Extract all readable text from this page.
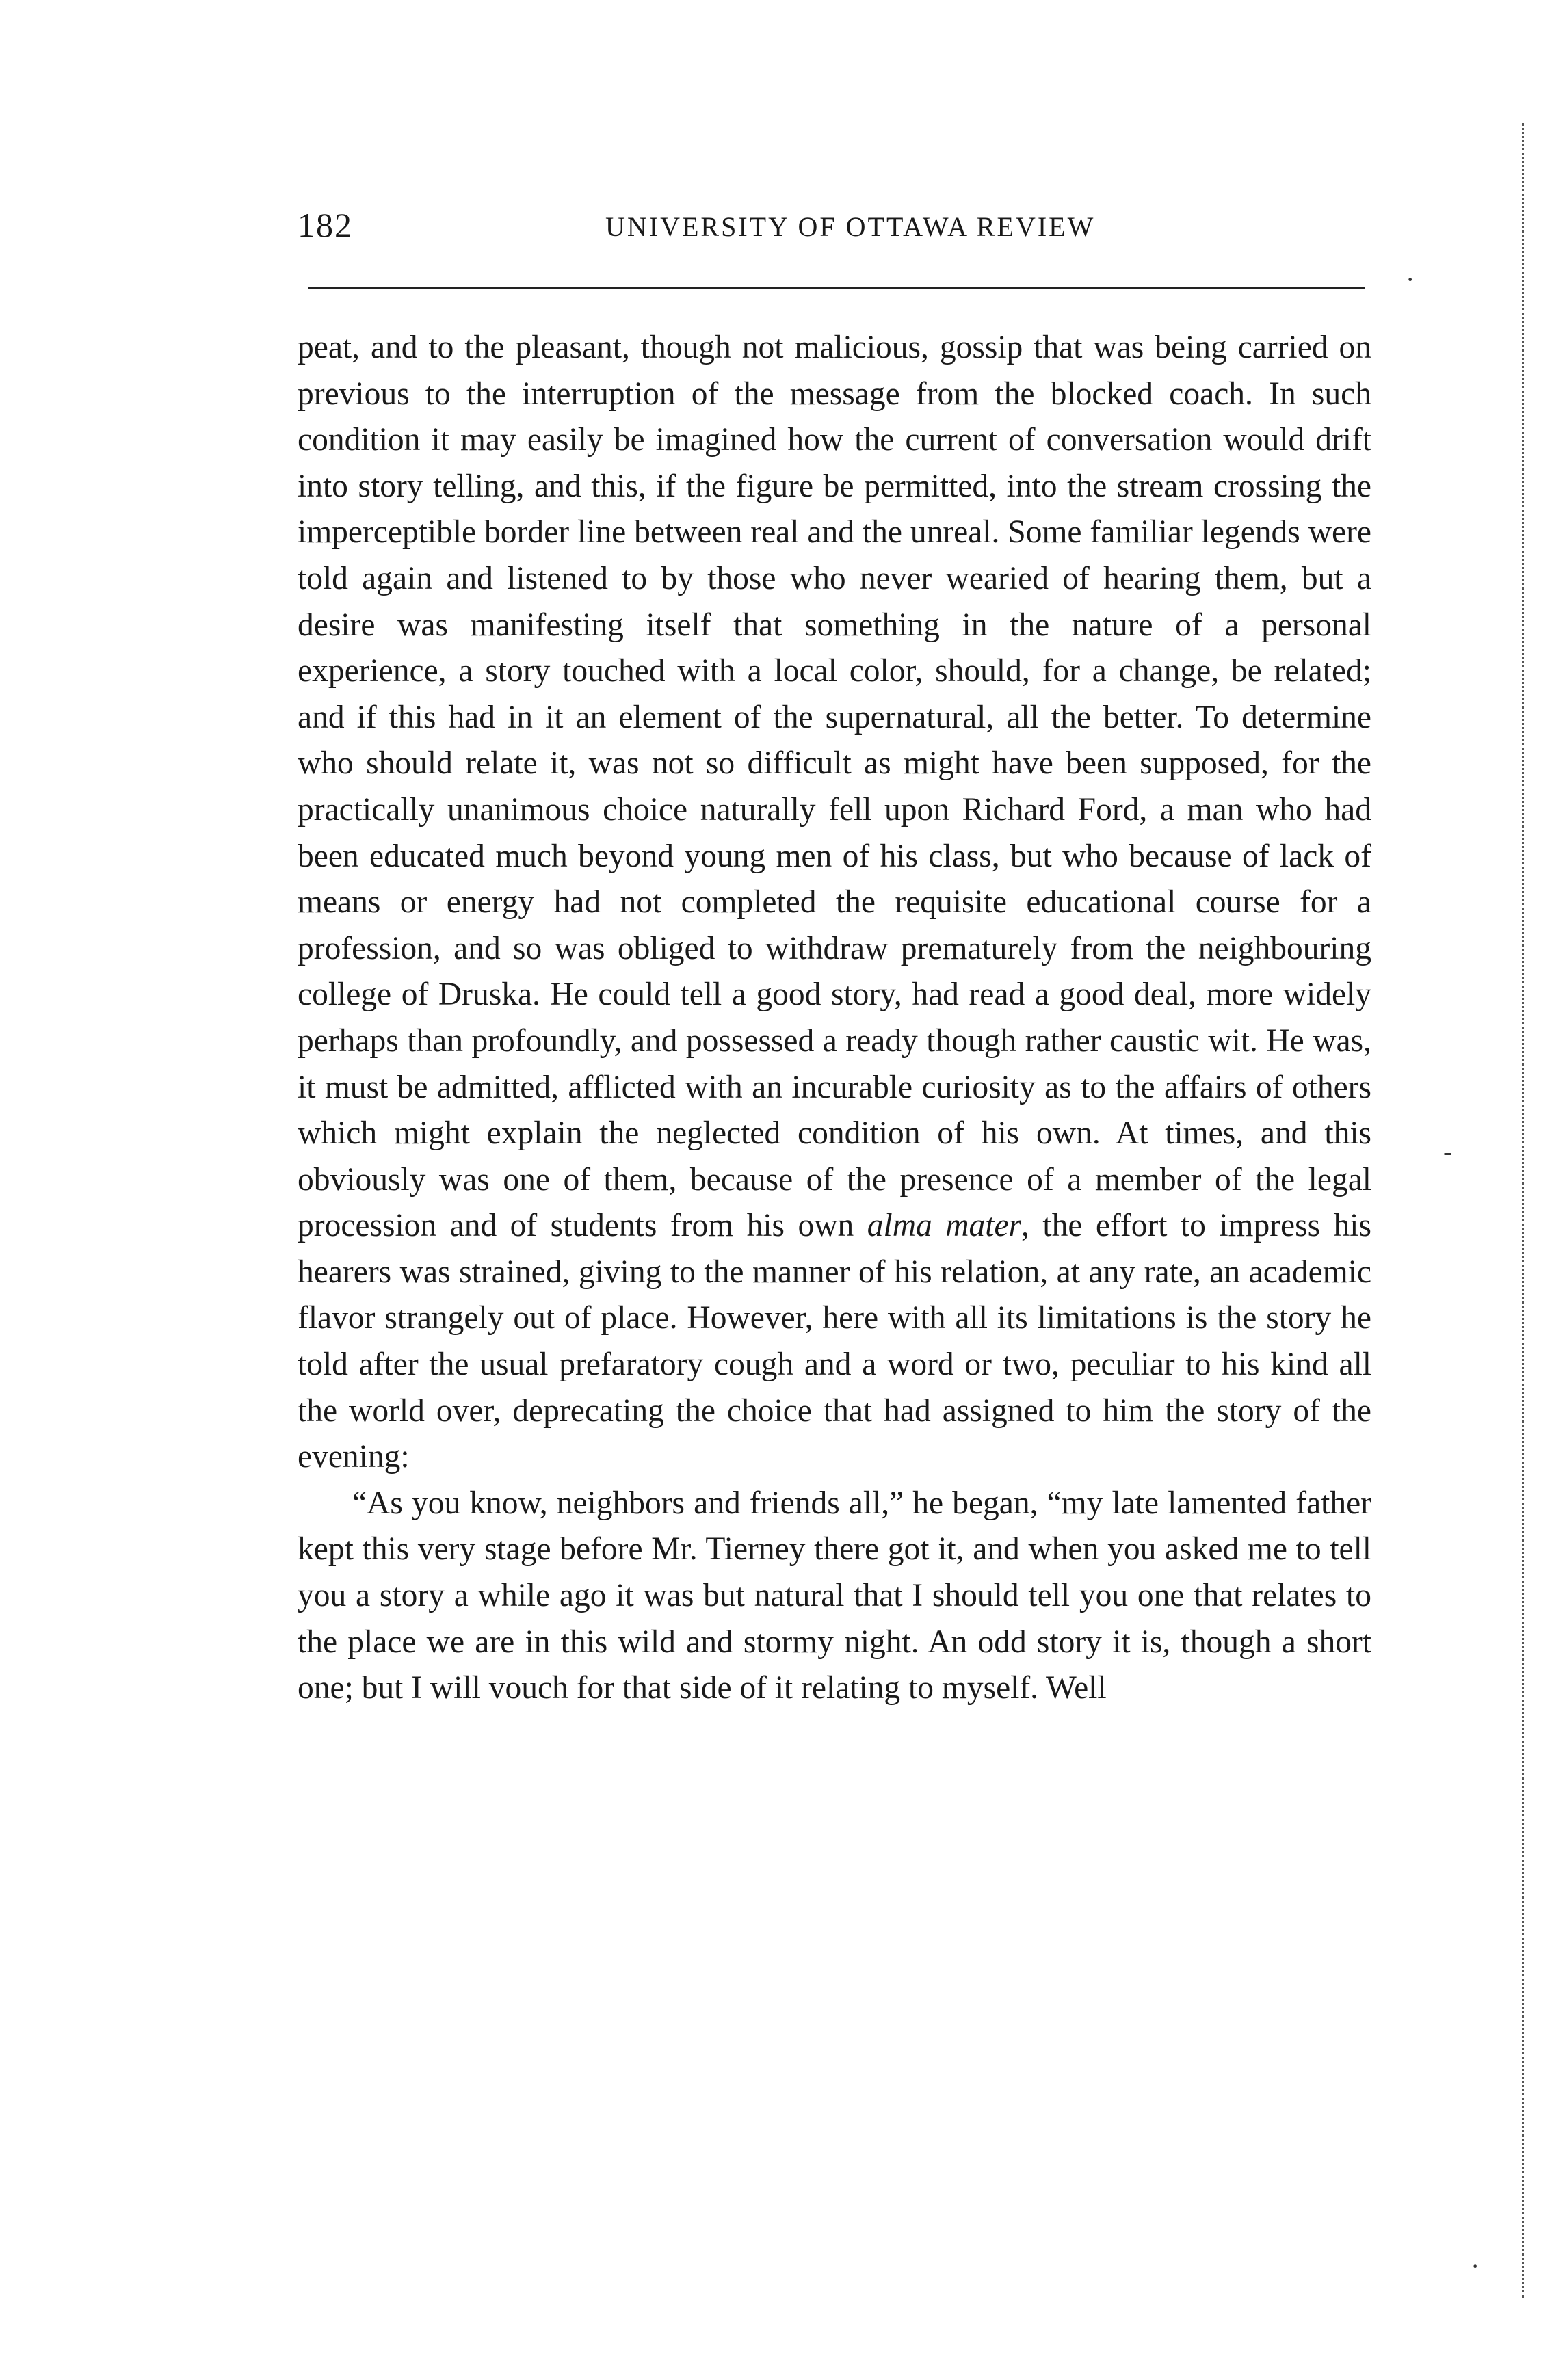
182	UNIVERSITY OF OTTAWA REVIEW

peat, and to the pleasant, though not malicious, gossip that was being carried on previous to the interruption of the message from the blocked coach. In such condition it may easily be imagined how the current of conversation would drift into story telling, and this, if the figure be permitted, into the stream crossing the imperceptible border line between real and the unreal. Some familiar legends were told again and listened to by those who never wearied of hearing them, but a desire was manifesting itself that something in the nature of a personal experience, a story touched with a local color, should, for a change, be related; and if this had in it an element of the supernatural, all the better. To determine who should relate it, was not so difficult as might have been supposed, for the practically unanimous choice naturally fell upon Richard Ford, a man who had been educated much beyond young men of his class, but who because of lack of means or energy had not completed the requisite educational course for a profession, and so was obliged to withdraw prematurely from the neighbouring college of Druska. He could tell a good story, had read a good deal, more widely perhaps than profoundly, and possessed a ready though rather caustic wit. He was, it must be admitted, afflicted with an incurable curiosity as to the affairs of others which might explain the neglected condition of his own. At times, and this obviously was one of them, because of the presence of a member of the legal procession and of students from his own alma mater, the effort to impress his hearers was strained, giving to the manner of his relation, at any rate, an academic flavor strangely out of place. However, here with all its limitations is the story he told after the usual prefaratory cough and a word or two, peculiar to his kind all the world over, deprecating the choice that had assigned to him the story of the evening:

“As you know, neighbors and friends all,” he began, “my late lamented father kept this very stage before Mr. Tierney there got it, and when you asked me to tell you a story a while ago it was but natural that I should tell you one that relates to the place we are in this wild and stormy night. An odd story it is, though a short one; but I will vouch for that side of it relating to myself. Well

·
-
·
